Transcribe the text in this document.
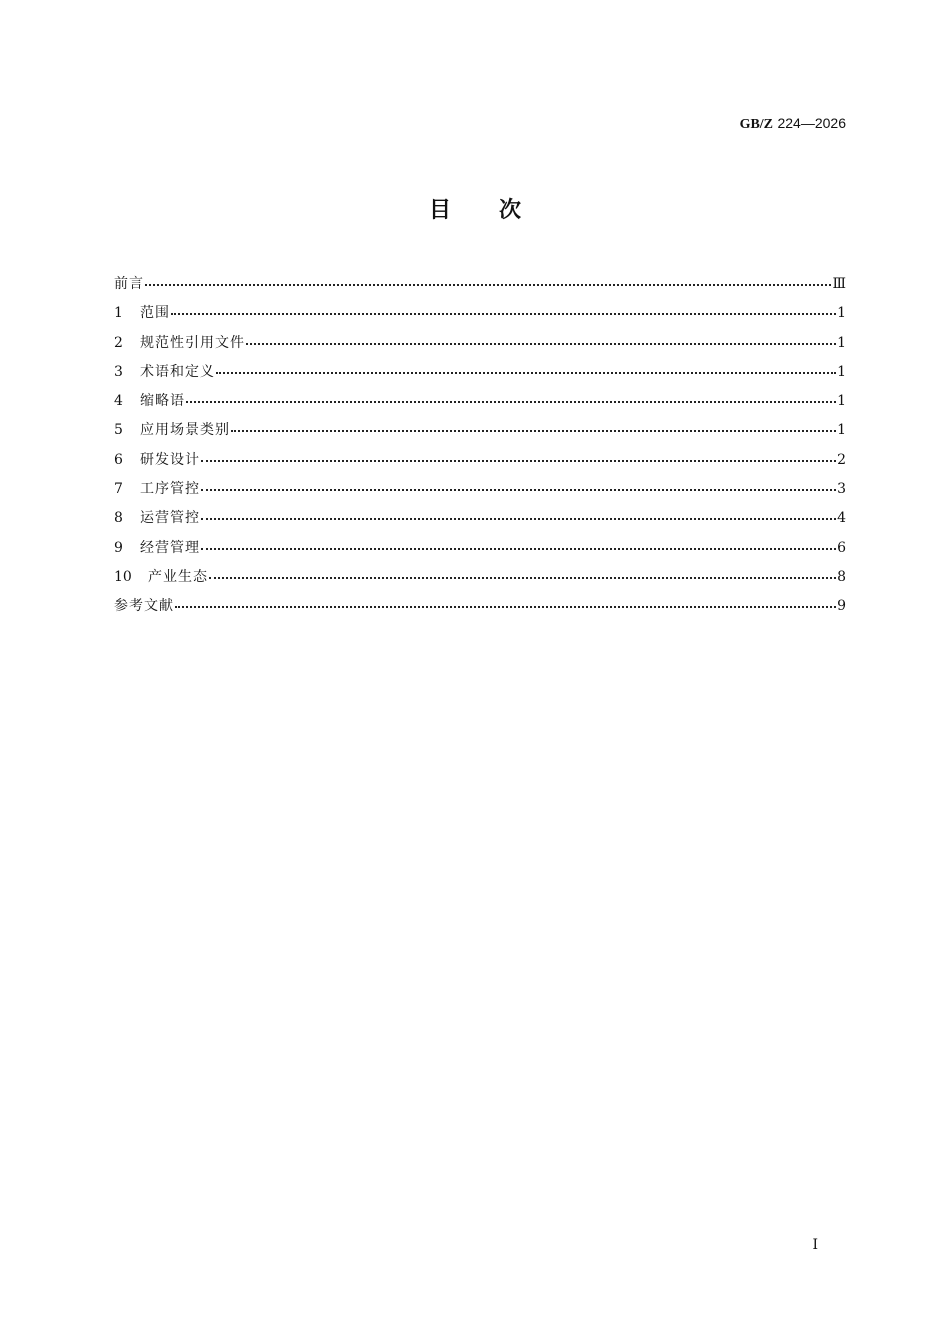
GB/Z 224—2026
目次
前言	Ⅲ
1	范围	1
2	规范性引用文件	1
3	术语和定义	1
4	缩略语	1
5	应用场景类别	1
6	研发设计	2
7	工序管控	3
8	运营管控	4
9	经营管理	6
10	产业生态	8
参考文献	9
Ⅰ
